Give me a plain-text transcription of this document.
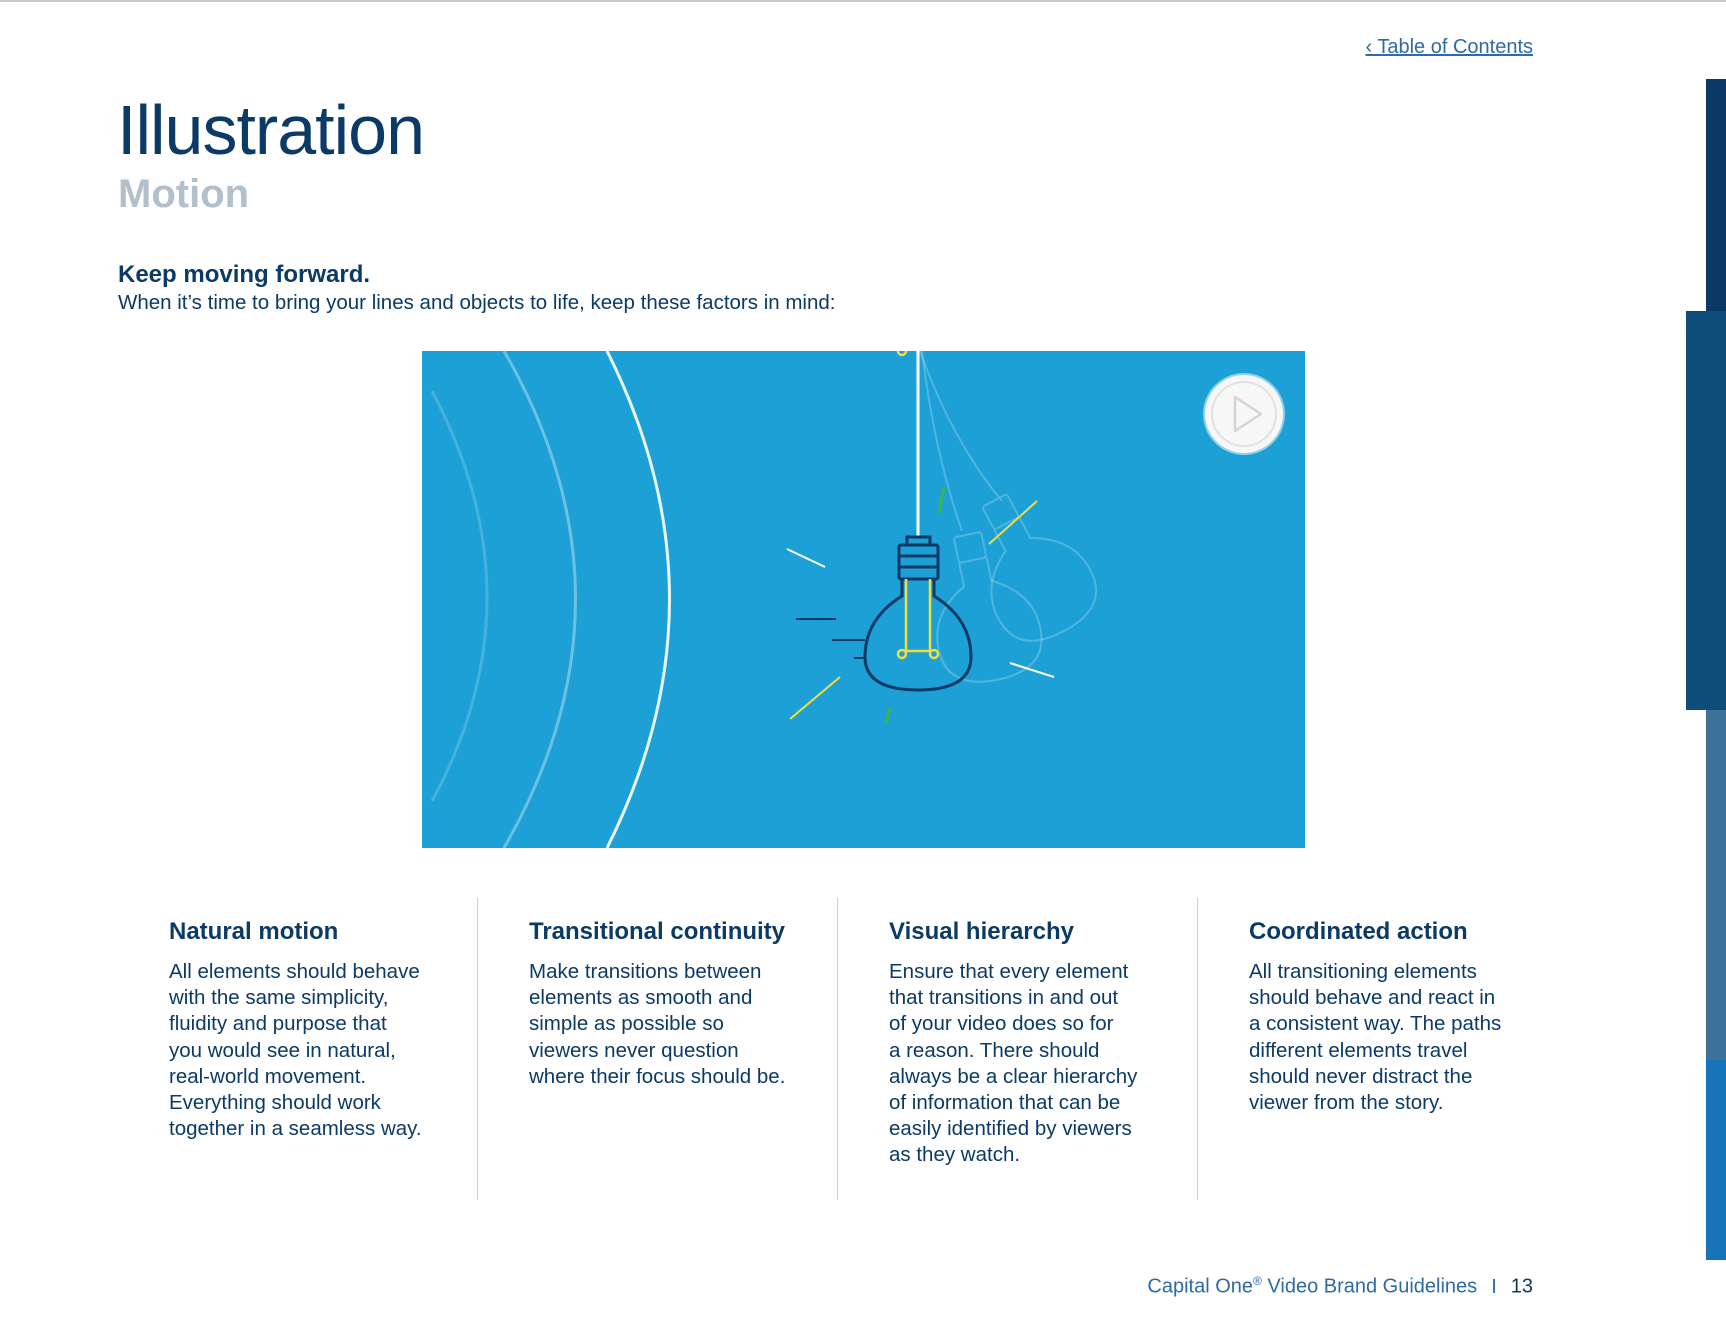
‹ Table of Contents
Illustration
Motion
Keep moving forward.

When it’s time to bring your lines and objects to life, keep these factors in mind:

Natural motion

All elements should behave
with the same simplicity,
fluidity and purpose that
you would see in natural,
real-world movement.
Everything should work
together in a seamless way.

Transitional continuity

Make transitions between
elements as smooth and
simple as possible so
viewers never question
where their focus should be.

Visual hierarchy

Ensure that every element
that transitions in and out
of your video does so for
a reason. There should
always be a clear hierarchy
of information that can be
easily identified by viewers
as they watch.

Coordinated action

All transitioning elements
should behave and react in
a consistent way. The paths
different elements travel
should never distract the
viewer from the story.

Capital One® Video Brand Guidelines I 13
